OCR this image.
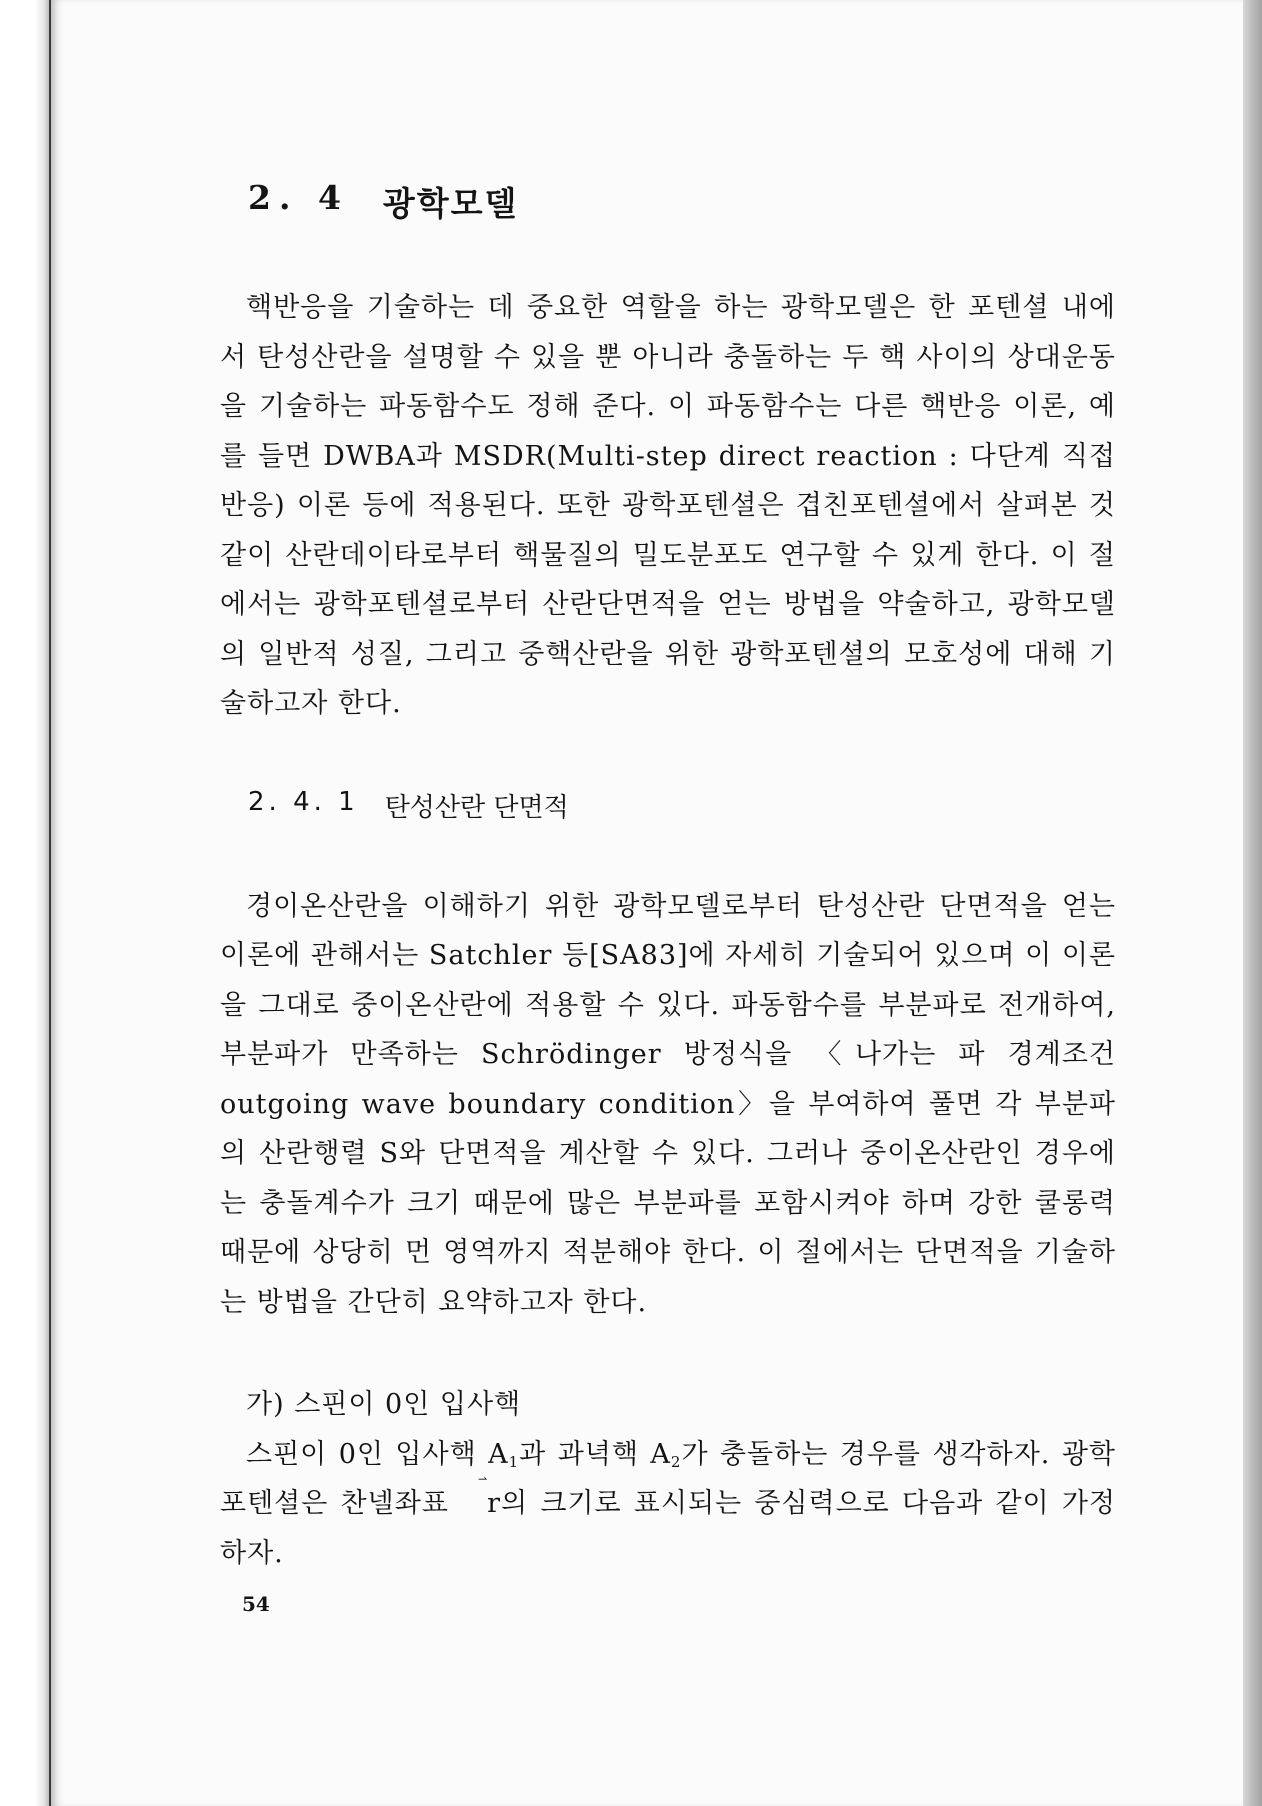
2. 4 광학모델

핵반응을 기술하는 데 중요한 역할을 하는 광학모델은 한 포텐셜 내에서 탄성산란을 설명할 수 있을 뿐 아니라 충돌하는 두 핵 사이의 상대운동을 기술하는 파동함수도 정해 준다. 이 파동함수는 다른 핵반응 이론, 예를 들면 DWBA과 MSDR(Multi-step direct reaction : 다단계 직접반응) 이론 등에 적용된다. 또한 광학포텐셜은 겹친포텐셜에서 살펴본 것같이 산란데이타로부터 핵물질의 밀도분포도 연구할 수 있게 한다. 이 절에서는 광학포텐셜로부터 산란단면적을 얻는 방법을 약술하고, 광학모델의 일반적 성질, 그리고 중핵산란을 위한 광학포텐셜의 모호성에 대해 기술하고자 한다.

2. 4. 1 탄성산란 단면적

경이온산란을 이해하기 위한 광학모델로부터 탄성산란 단면적을 얻는 이론에 관해서는 Satchler 등[SA83]에 자세히 기술되어 있으며 이 이론을 그대로 중이온산란에 적용할 수 있다. 파동함수를 부분파로 전개하여, 부분파가 만족하는 Schrödinger 방정식을 〈나가는 파 경계조건 outgoing wave boundary condition〉을 부여하여 풀면 각 부분파의 산란행렬 S와 단면적을 계산할 수 있다. 그러나 중이온산란인 경우에는 충돌계수가 크기 때문에 많은 부분파를 포함시켜야 하며 강한 쿨롱력 때문에 상당히 먼 영역까지 적분해야 한다. 이 절에서는 단면적을 기술하는 방법을 간단히 요약하고자 한다.

가) 스핀이 0인 입사핵

스핀이 0인 입사핵 $A_1$과 과녁핵 $A_2$가 충돌하는 경우를 생각하자. 광학포텐셜은 찬넬좌표 ⃑ r의 크기로 표시되는 중심력으로 다음과 같이 가정하자.

54
